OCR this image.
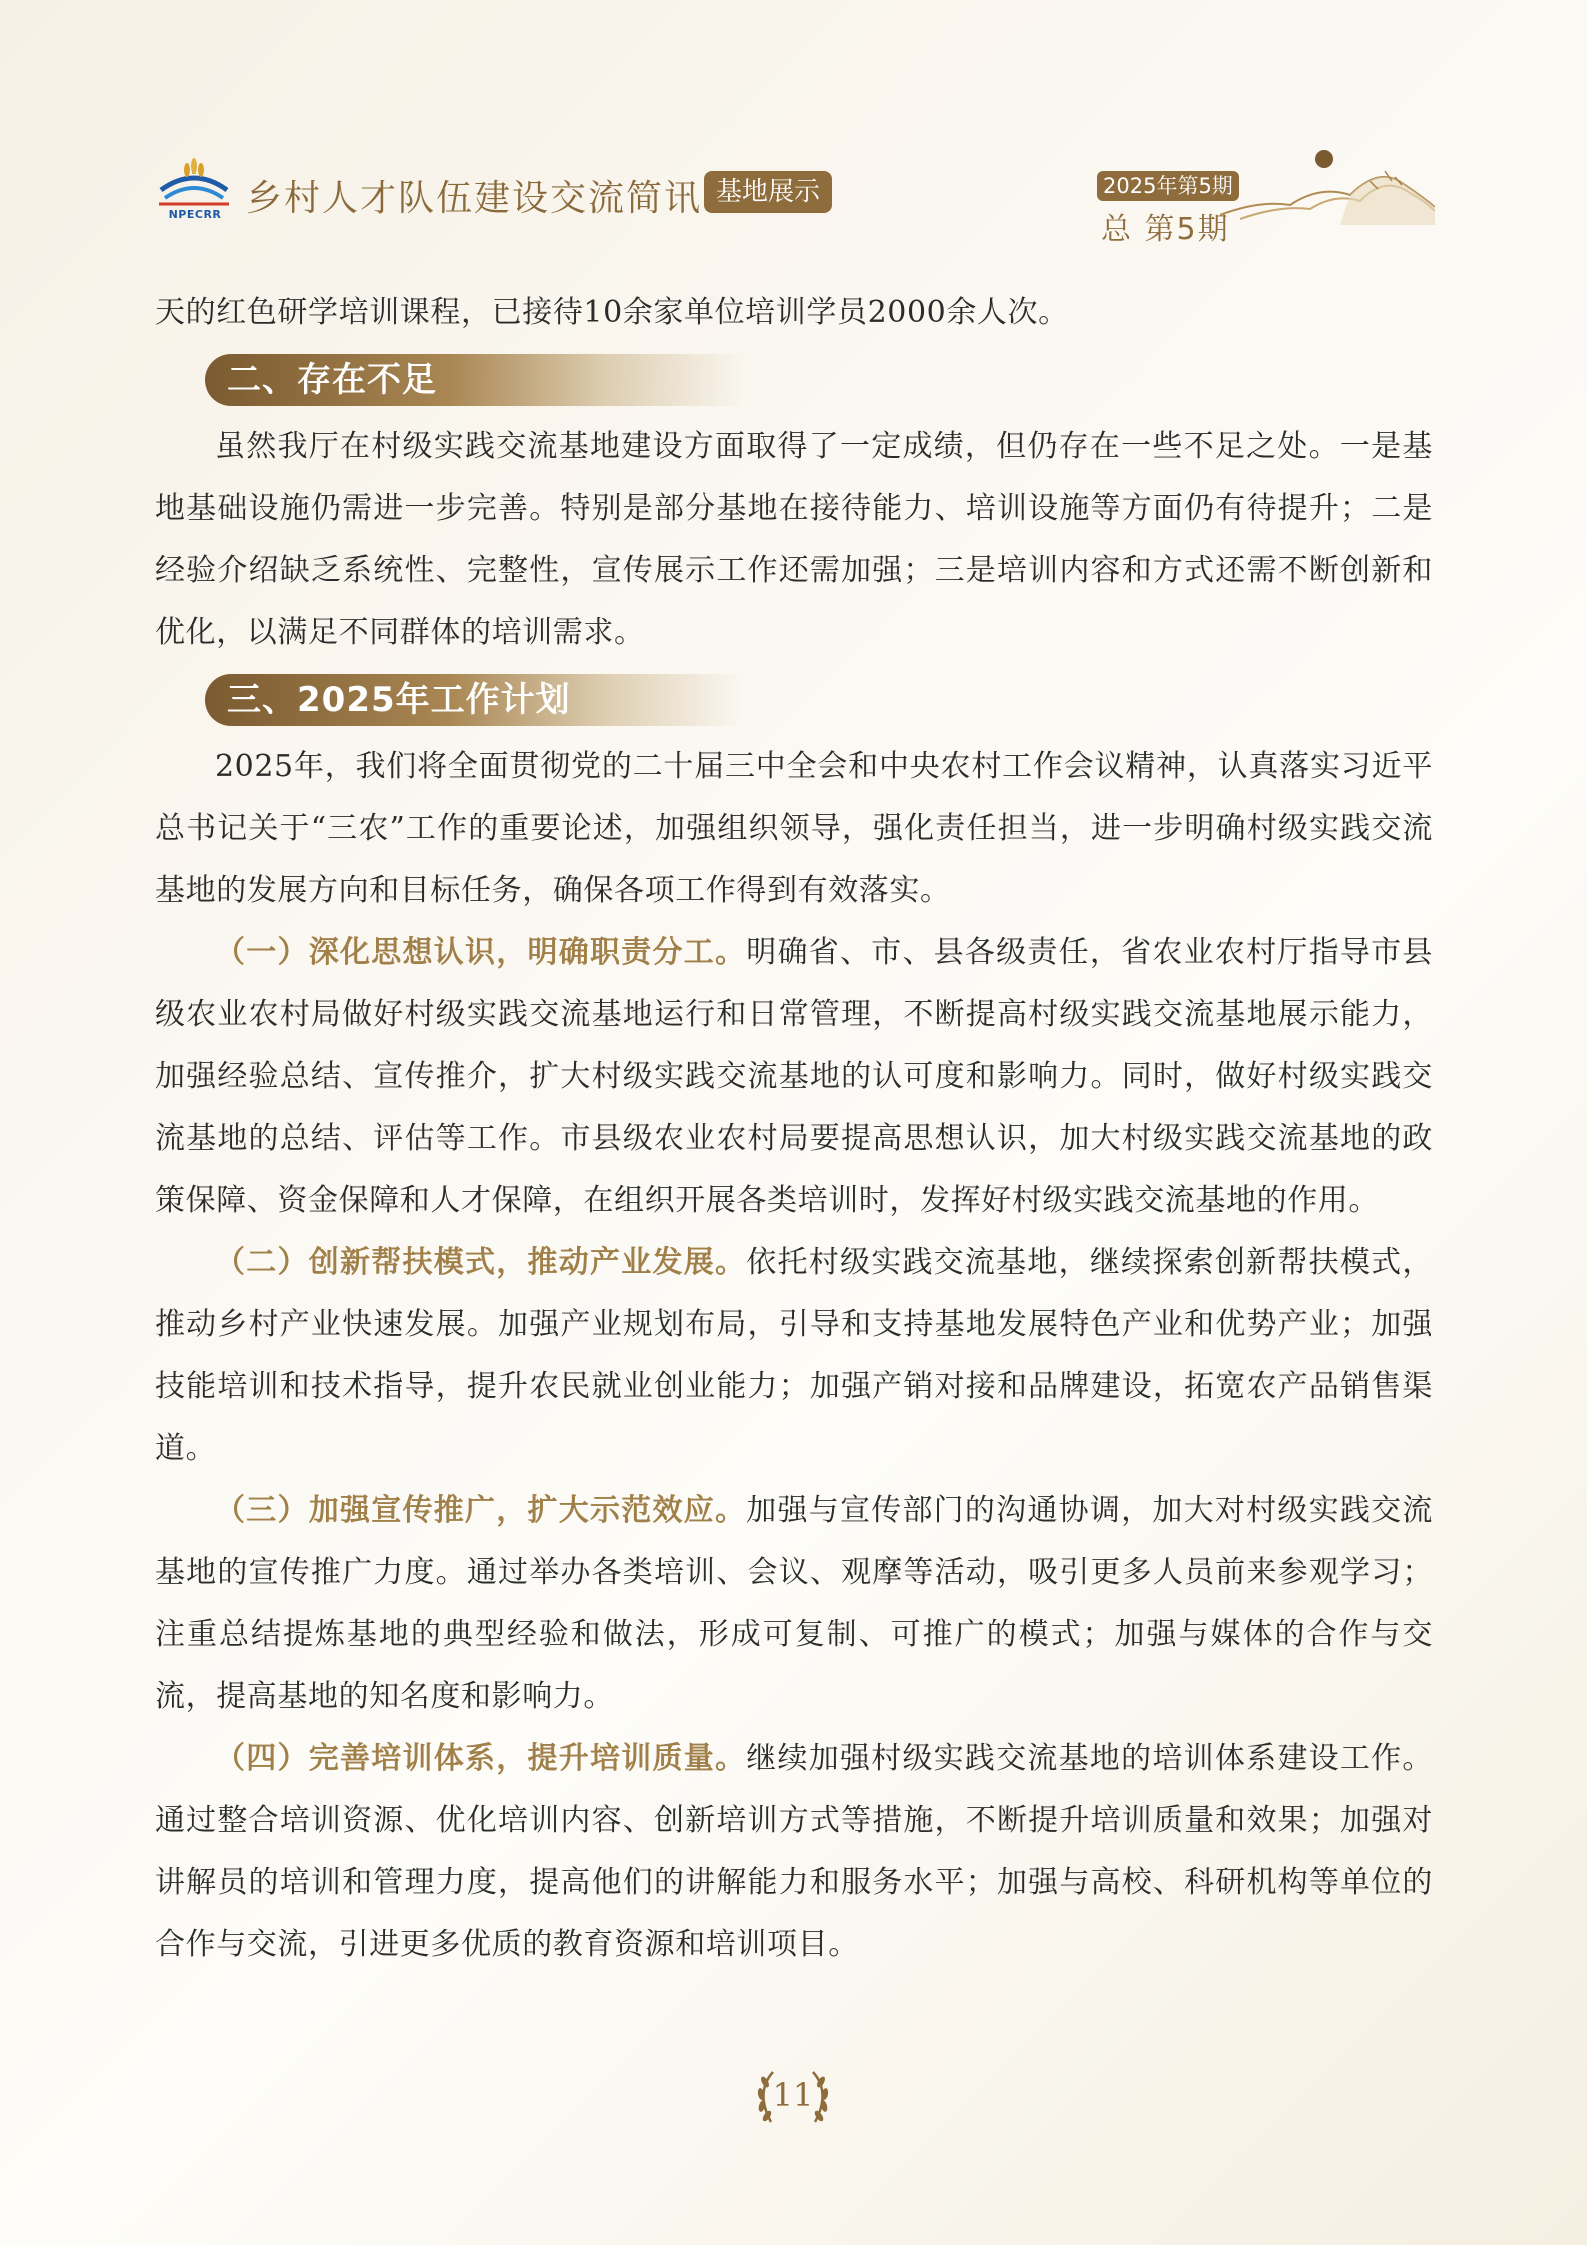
NPECRR 乡村人才队伍建设交流简讯 基地展示	2025年第5期
总 第5期

天的红色研学培训课程，已接待10余家单位培训学员2000余人次。

二、存在不足

虽然我厅在村级实践交流基地建设方面取得了一定成绩，但仍存在一些不足之处。一是基地基础设施仍需进一步完善。特别是部分基地在接待能力、培训设施等方面仍有待提升；二是经验介绍缺乏系统性、完整性，宣传展示工作还需加强；三是培训内容和方式还需不断创新和优化，以满足不同群体的培训需求。

三、2025年工作计划

2025年，我们将全面贯彻党的二十届三中全会和中央农村工作会议精神，认真落实习近平总书记关于“三农”工作的重要论述，加强组织领导，强化责任担当，进一步明确村级实践交流基地的发展方向和目标任务，确保各项工作得到有效落实。

（一）深化思想认识，明确职责分工。明确省、市、县各级责任，省农业农村厅指导市县级农业农村局做好村级实践交流基地运行和日常管理，不断提高村级实践交流基地展示能力，加强经验总结、宣传推介，扩大村级实践交流基地的认可度和影响力。同时，做好村级实践交流基地的总结、评估等工作。市县级农业农村局要提高思想认识，加大村级实践交流基地的政策保障、资金保障和人才保障，在组织开展各类培训时，发挥好村级实践交流基地的作用。

（二）创新帮扶模式，推动产业发展。依托村级实践交流基地，继续探索创新帮扶模式，推动乡村产业快速发展。加强产业规划布局，引导和支持基地发展特色产业和优势产业；加强技能培训和技术指导，提升农民就业创业能力；加强产销对接和品牌建设，拓宽农产品销售渠道。

（三）加强宣传推广，扩大示范效应。加强与宣传部门的沟通协调，加大对村级实践交流基地的宣传推广力度。通过举办各类培训、会议、观摩等活动，吸引更多人员前来参观学习；注重总结提炼基地的典型经验和做法，形成可复制、可推广的模式；加强与媒体的合作与交流，提高基地的知名度和影响力。

（四）完善培训体系，提升培训质量。继续加强村级实践交流基地的培训体系建设工作。通过整合培训资源、优化培训内容、创新培训方式等措施，不断提升培训质量和效果；加强对讲解员的培训和管理力度，提高他们的讲解能力和服务水平；加强与高校、科研机构等单位的合作与交流，引进更多优质的教育资源和培训项目。

11
